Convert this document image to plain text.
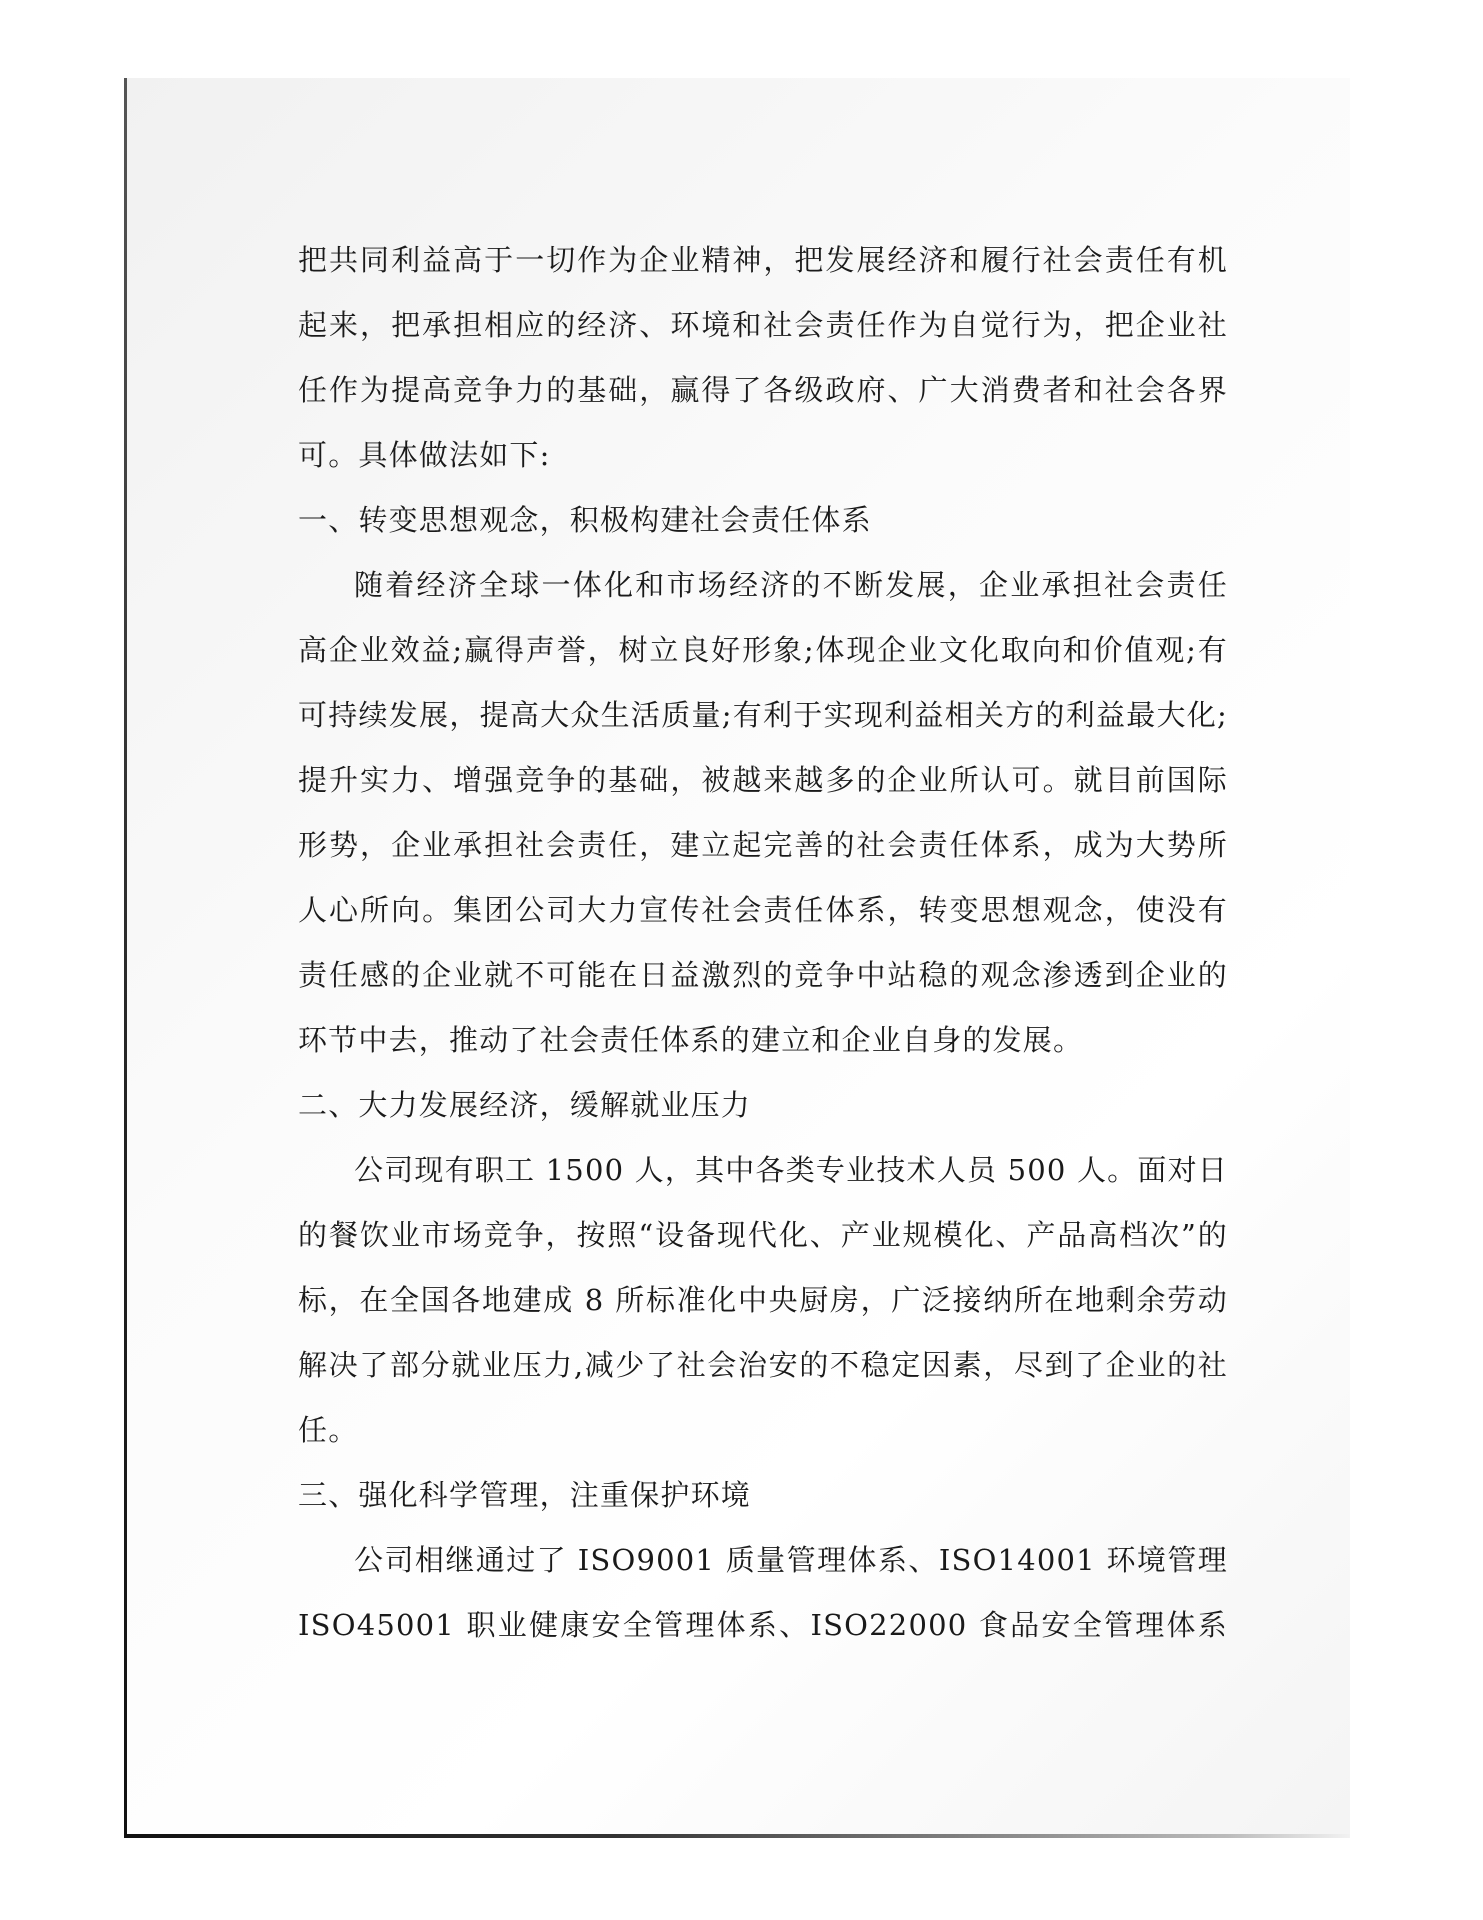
把共同利益高于一切作为企业精神，把发展经济和履行社会责任有机
起来，把承担相应的经济、环境和社会责任作为自觉行为，把企业社
任作为提高竞争力的基础，赢得了各级政府、广大消费者和社会各界
可。具体做法如下:
一、转变思想观念，积极构建社会责任体系
随着经济全球一体化和市场经济的不断发展，企业承担社会责任
高企业效益;赢得声誉，树立良好形象;体现企业文化取向和价值观;有
可持续发展，提高大众生活质量;有利于实现利益相关方的利益最大化;
提升实力、增强竞争的基础，被越来越多的企业所认可。就目前国际
形势，企业承担社会责任，建立起完善的社会责任体系，成为大势所
人心所向。集团公司大力宣传社会责任体系，转变思想观念，使没有
责任感的企业就不可能在日益激烈的竞争中站稳的观念渗透到企业的
环节中去，推动了社会责任体系的建立和企业自身的发展。
二、大力发展经济，缓解就业压力
公司现有职工 1500 人，其中各类专业技术人员 500 人。面对日
的餐饮业市场竞争，按照“设备现代化、产业规模化、产品高档次”的
标，在全国各地建成 8 所标准化中央厨房，广泛接纳所在地剩余劳动
解决了部分就业压力,减少了社会治安的不稳定因素，尽到了企业的社
任。
三、强化科学管理，注重保护环境
公司相继通过了 ISO9001 质量管理体系、ISO14001 环境管理
ISO45001 职业健康安全管理体系、ISO22000 食品安全管理体系
